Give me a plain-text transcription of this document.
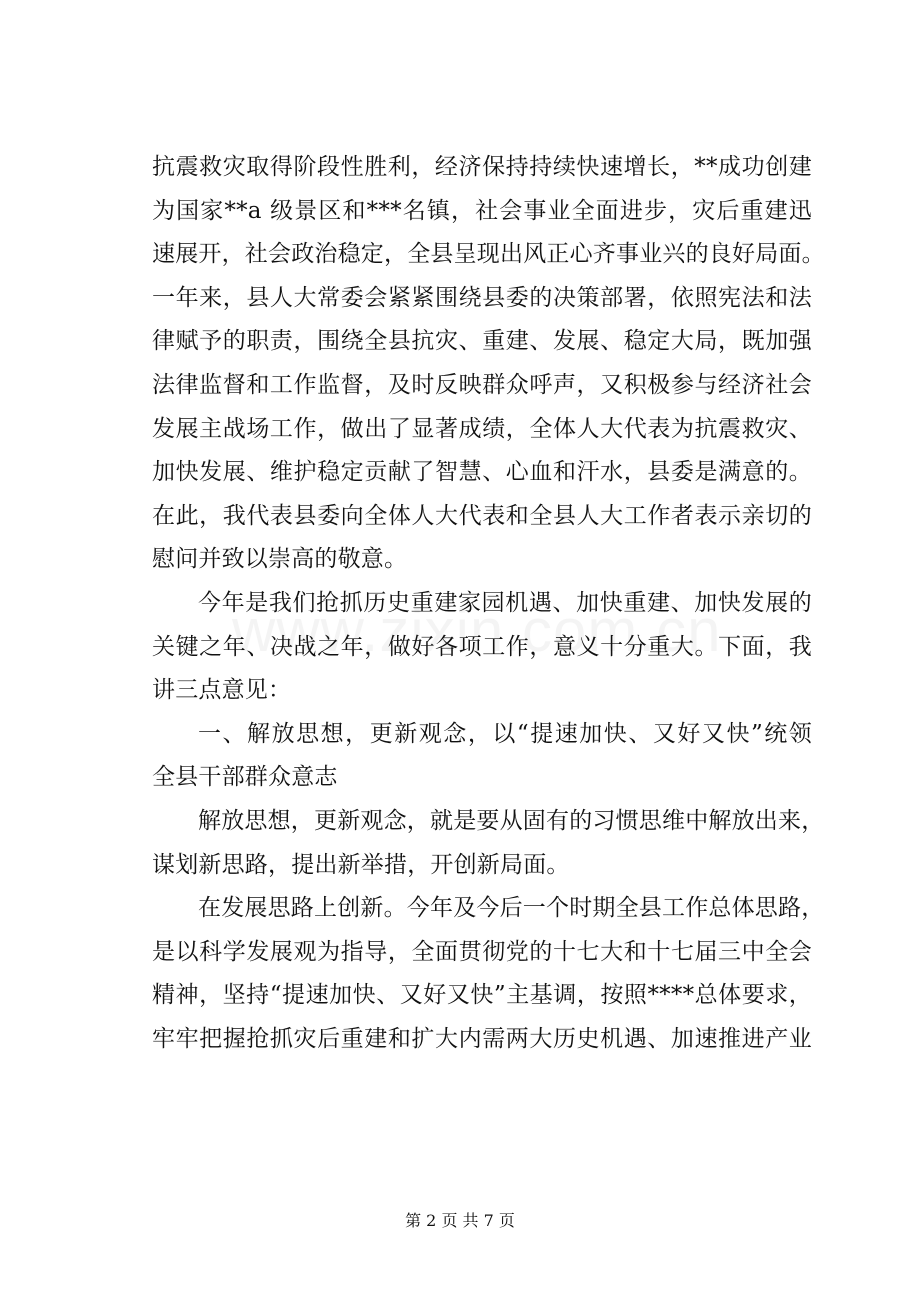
抗震救灾取得阶段性胜利，经济保持持续快速增长，**成功创建
为国家**a 级景区和***名镇，社会事业全面进步，灾后重建迅
速展开，社会政治稳定，全县呈现出风正心齐事业兴的良好局面。
一年来，县人大常委会紧紧围绕县委的决策部署，依照宪法和法
律赋予的职责，围绕全县抗灾、重建、发展、稳定大局，既加强
法律监督和工作监督，及时反映群众呼声，又积极参与经济社会
发展主战场工作，做出了显著成绩，全体人大代表为抗震救灾、
加快发展、维护稳定贡献了智慧、心血和汗水，县委是满意的。
在此，我代表县委向全体人大代表和全县人大工作者表示亲切的
慰问并致以崇高的敬意。
今年是我们抢抓历史重建家园机遇、加快重建、加快发展的
关键之年、决战之年，做好各项工作，意义十分重大。下面，我
讲三点意见：
一、解放思想，更新观念，以“提速加快、又好又快”统领
全县干部群众意志
解放思想，更新观念，就是要从固有的习惯思维中解放出来，
谋划新思路，提出新举措，开创新局面。
在发展思路上创新。今年及今后一个时期全县工作总体思路，
是以科学发展观为指导，全面贯彻党的十七大和十七届三中全会
精神，坚持“提速加快、又好又快”主基调，按照****总体要求，
牢牢把握抢抓灾后重建和扩大内需两大历史机遇、加速推进产业
第 2 页 共 7 页
